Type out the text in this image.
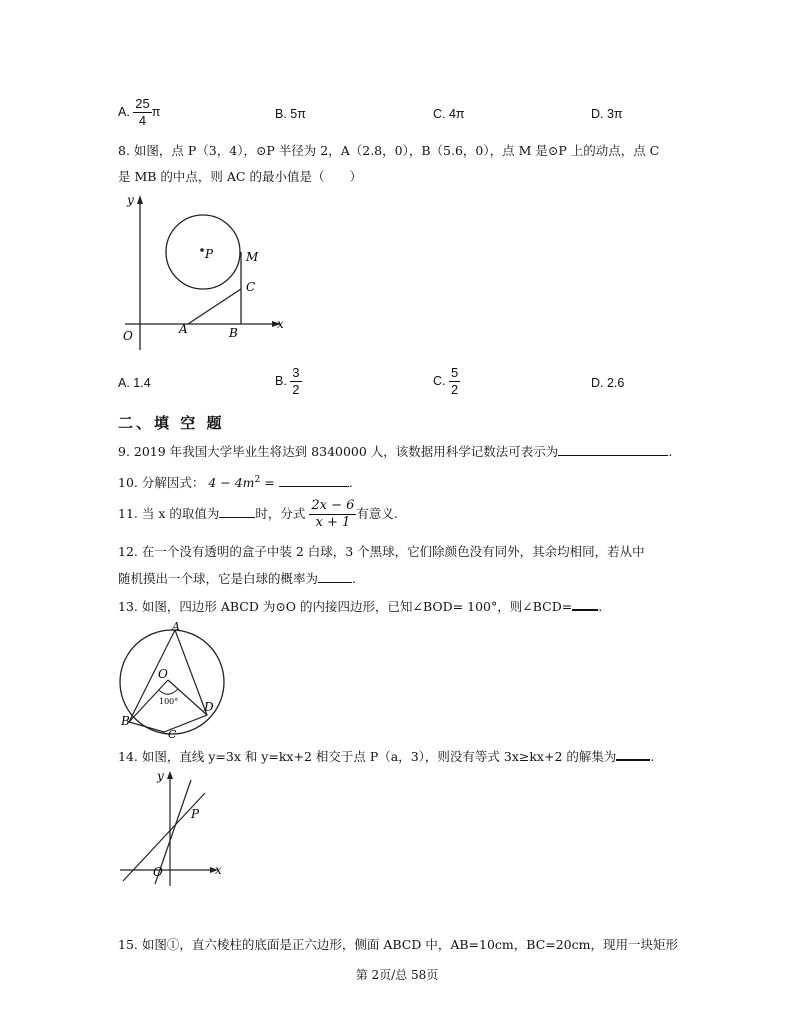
A. $\frac{25}{4}$ π	B. 5π	C. 4π	D. 3π
8. 如图，点 P（3，4），⊙P 半径为 2，A（2.8，0），B（5.6，0），点 M 是⊙P 上的动点，点 C
是 MB 的中点，则 AC 的最小值是（　　）
y
x
O
P	M
C
A	B
A. 1.4	B. $\frac{3}{2}$	C. $\frac{5}{2}$	D. 2.6
二、填 空 题
9. 2019 年我国大学毕业生将达到 8340000 人，该数据用科学记数法可表示为	.
10. 分解因式： $4 - 4m^2$ =	.
11. 当 x 的取值为	时，分式 $\frac{2x - 6}{x + 1}$ 有意义.
12. 在一个没有透明的盒子中装 2 白球，3 个黑球，它们除颜色没有同外，其余均相同，若从中
随机摸出一个球，它是白球的概率为	.
13. 如图，四边形 ABCD 为⊙O 的内接四边形，已知∠BOD= 100°，则∠BCD= .
A
O
100°
B
C
D
14. 如图，直线 y=3x 和 y=kx+2 相交于点 P（a，3），则没有等式 3x≥kx+2 的解集为	.
y
x
O
P
15. 如图①，直六棱柱的底面是正六边形，侧面 ABCD 中，AB=10cm，BC=20cm，现用一块矩形
第 2页/总 58页
